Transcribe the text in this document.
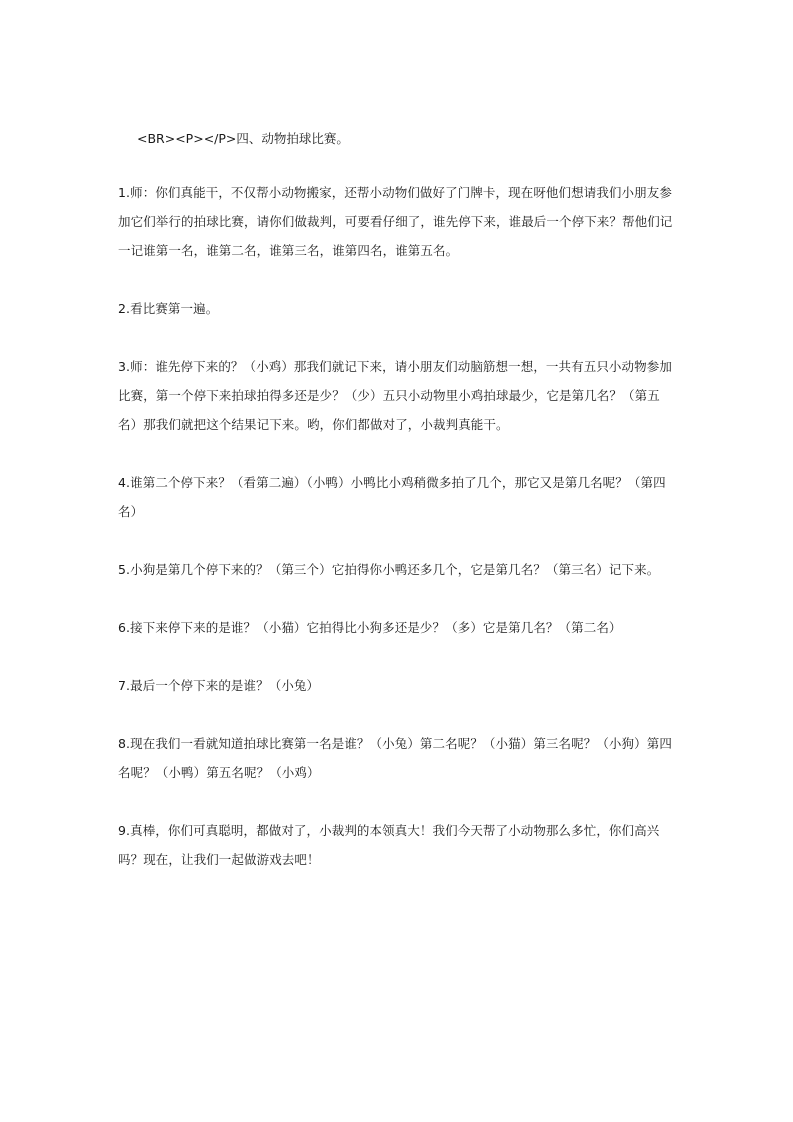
<BR><P></P>四、动物拍球比赛。

1.师：你们真能干，不仅帮小动物搬家，还帮小动物们做好了门牌卡，现在呀他们想请我们小朋友参加它们举行的拍球比赛，请你们做裁判，可要看仔细了，谁先停下来，谁最后一个停下来？帮他们记一记谁第一名，谁第二名，谁第三名，谁第四名，谁第五名。

2.看比赛第一遍。

3.师：谁先停下来的？（小鸡）那我们就记下来，请小朋友们动脑筋想一想，一共有五只小动物参加比赛，第一个停下来拍球拍得多还是少？（少）五只小动物里小鸡拍球最少，它是第几名？（第五名）那我们就把这个结果记下来。哟，你们都做对了，小裁判真能干。

4.谁第二个停下来？（看第二遍）（小鸭）小鸭比小鸡稍微多拍了几个，那它又是第几名呢？（第四名）

5.小狗是第几个停下来的？（第三个）它拍得你小鸭还多几个，它是第几名？（第三名）记下来。

6.接下来停下来的是谁？（小猫）它拍得比小狗多还是少？（多）它是第几名？（第二名）

7.最后一个停下来的是谁？（小兔）

8.现在我们一看就知道拍球比赛第一名是谁？（小兔）第二名呢？（小猫）第三名呢？（小狗）第四名呢？（小鸭）第五名呢？（小鸡）

9.真棒，你们可真聪明，都做对了，小裁判的本领真大！我们今天帮了小动物那么多忙，你们高兴吗？现在，让我们一起做游戏去吧！
